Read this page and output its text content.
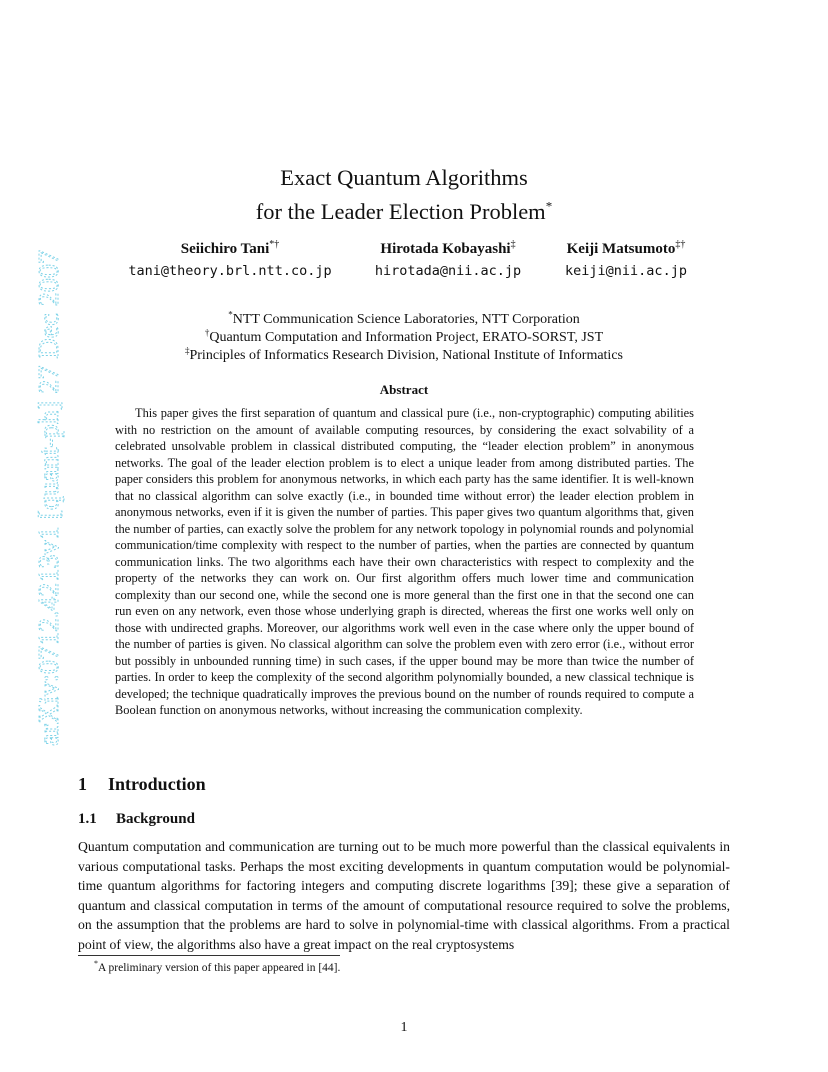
arXiv:0712.4213v1 [quant-ph] 27 Dec 2007
Exact Quantum Algorithms
for the Leader Election Problem*
Seiichiro Tani*†
tani@theory.brl.ntt.co.jp
Hirotada Kobayashi‡
hirotada@nii.ac.jp
Keiji Matsumoto‡†
keiji@nii.ac.jp
*NTT Communication Science Laboratories, NTT Corporation
†Quantum Computation and Information Project, ERATO-SORST, JST
‡Principles of Informatics Research Division, National Institute of Informatics
Abstract

This paper gives the first separation of quantum and classical pure (i.e., non-cryptographic) computing abilities with no restriction on the amount of available computing resources, by considering the exact solvability of a celebrated unsolvable problem in classical distributed computing, the “leader election problem” in anonymous networks. The goal of the leader election problem is to elect a unique leader from among distributed parties. The paper considers this problem for anonymous networks, in which each party has the same identifier. It is well-known that no classical algorithm can solve exactly (i.e., in bounded time without error) the leader election problem in anonymous networks, even if it is given the number of parties. This paper gives two quantum algorithms that, given the number of parties, can exactly solve the problem for any network topology in polynomial rounds and polynomial communication/time complexity with respect to the number of parties, when the parties are connected by quantum communication links. The two algorithms each have their own characteristics with respect to complexity and the property of the networks they can work on. Our first algorithm offers much lower time and communication complexity than our second one, while the second one is more general than the first one in that the second one can run even on any network, even those whose underlying graph is directed, whereas the first one works well only on those with undirected graphs. Moreover, our algorithms work well even in the case where only the upper bound of the number of parties is given. No classical algorithm can solve the problem even with zero error (i.e., without error but possibly in unbounded running time) in such cases, if the upper bound may be more than twice the number of parties. In order to keep the complexity of the second algorithm polynomially bounded, a new classical technique is developed; the technique quadratically improves the previous bound on the number of rounds required to compute a Boolean function on anonymous networks, without increasing the communication complexity.

1 Introduction
1.1 Background

Quantum computation and communication are turning out to be much more powerful than the classical equivalents in various computational tasks. Perhaps the most exciting developments in quantum computation would be polynomial-time quantum algorithms for factoring integers and computing discrete logarithms [39]; these give a separation of quantum and classical computation in terms of the amount of computational resource required to solve the problems, on the assumption that the problems are hard to solve in polynomial-time with classical algorithms. From a practical point of view, the algorithms also have a great impact on the real cryptosystems

*A preliminary version of this paper appeared in [44].
1
